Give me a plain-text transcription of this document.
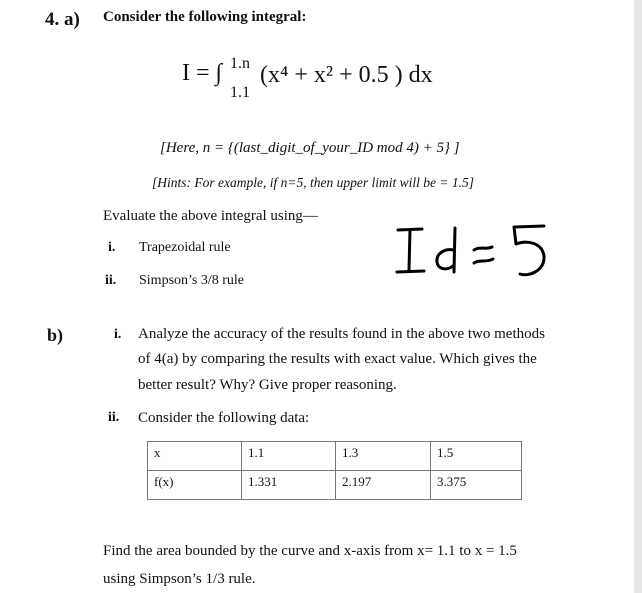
4. a) Consider the following integral:
I = ∫ 1.n
1.1
(x⁴ + x² + 0.5 ) dx
[Here, n = {(last_digit_of_your_ID mod 4) + 5} ]
[Hints: For example, if n=5, then upper limit will be = 1.5]
Evaluate the above integral using—
i. Trapezoidal rule
ii. Simpson’s 3/8 rule
b)	i. Analyze the accuracy of the results found in the above two methods
of 4(a) by comparing the results with exact value. Which gives the
better result? Why? Give proper reasoning.
ii. Consider the following data:
x	1.1	1.3	1.5
f(x)	1.331	2.197	3.375
Find the area bounded by the curve and x-axis from x= 1.1 to x = 1.5
using Simpson’s 1/3 rule.
